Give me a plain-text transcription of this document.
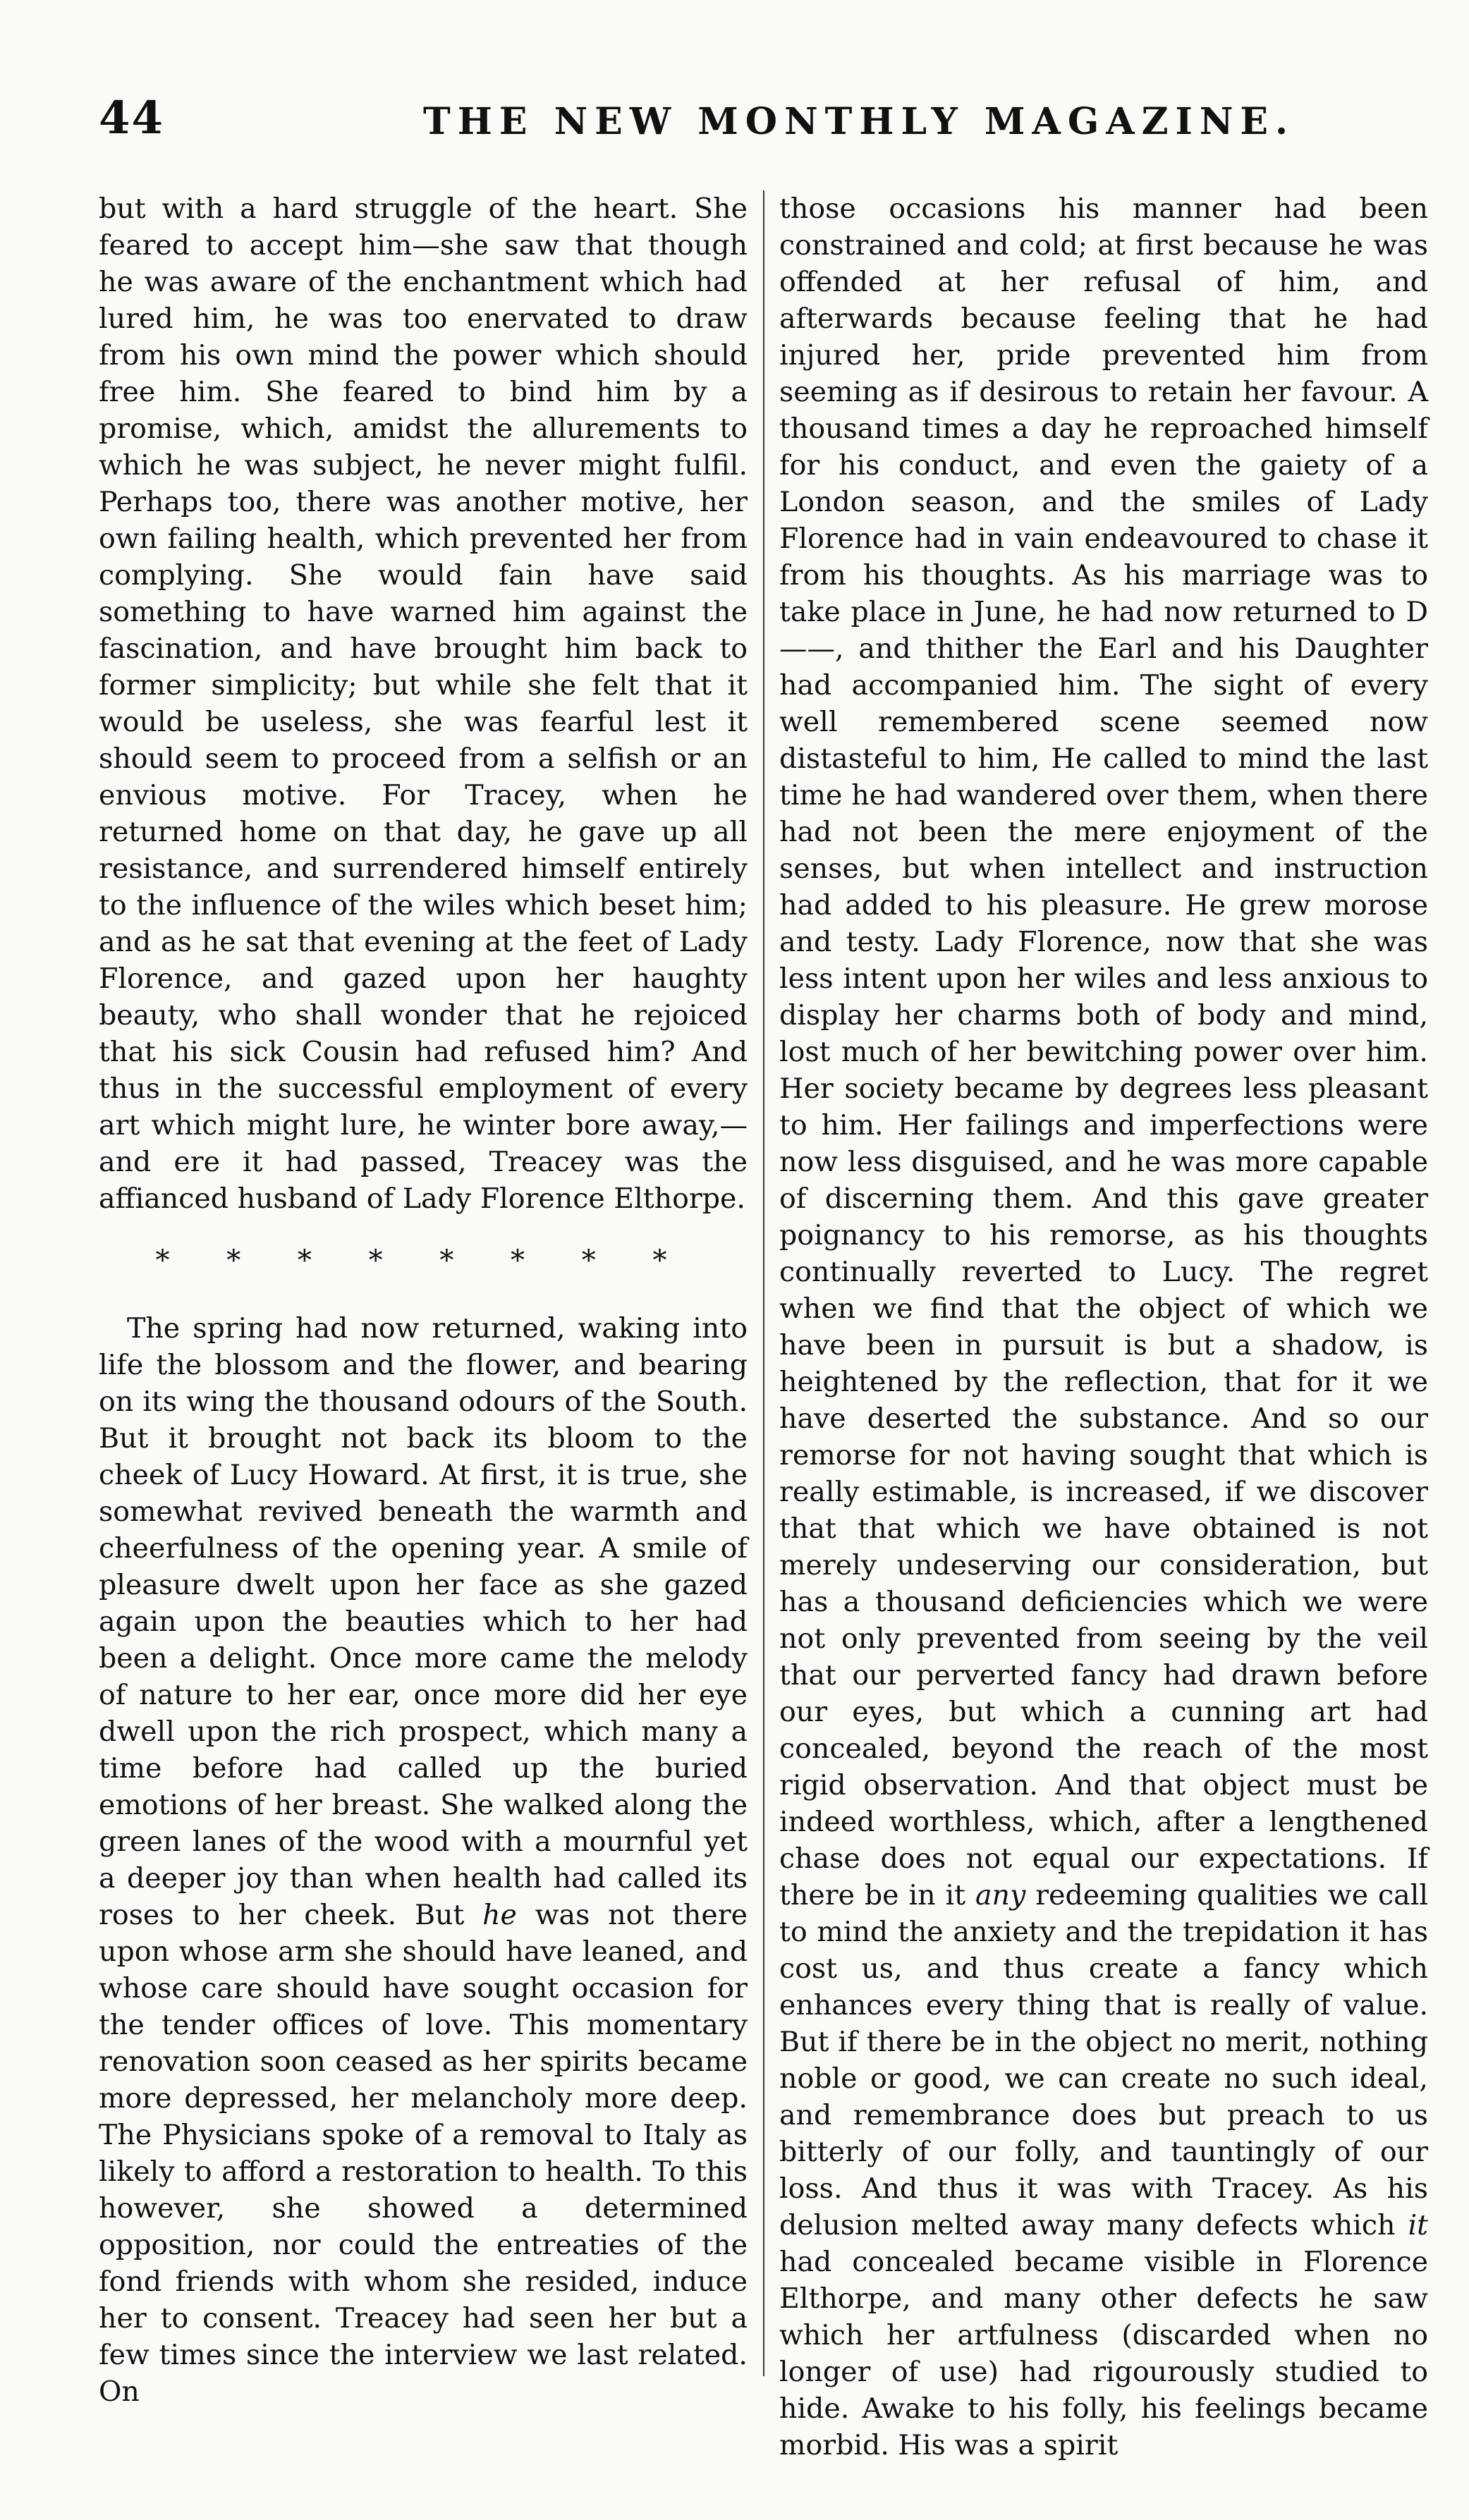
44	THE NEW MONTHLY MAGAZINE.

but with a hard struggle of the heart. She feared to accept him—she saw that though he was aware of the enchantment which had lured him, he was too enervated to draw from his own mind the power which should free him. She feared to bind him by a promise, which, amidst the allurements to which he was subject, he never might fulfil. Perhaps too, there was another motive, her own failing health, which prevented her from complying. She would fain have said something to have warned him against the fascination, and have brought him back to former simplicity; but while she felt that it would be useless, she was fearful lest it should seem to proceed from a selfish or an envious motive. For Tracey, when he returned home on that day, he gave up all resistance, and surrendered himself entirely to the influence of the wiles which beset him; and as he sat that evening at the feet of Lady Florence, and gazed upon her haughty beauty, who shall wonder that he rejoiced that his sick Cousin had refused him? And thus in the successful employment of every art which might lure, he winter bore away,—and ere it had passed, Treacey was the affianced husband of Lady Florence Elthorpe.

* * * * * * * *

The spring had now returned, waking into life the blossom and the flower, and bearing on its wing the thousand odours of the South. But it brought not back its bloom to the cheek of Lucy Howard. At first, it is true, she somewhat revived beneath the warmth and cheerfulness of the opening year. A smile of pleasure dwelt upon her face as she gazed again upon the beauties which to her had been a delight. Once more came the melody of nature to her ear, once more did her eye dwell upon the rich prospect, which many a time before had called up the buried emotions of her breast. She walked along the green lanes of the wood with a mournful yet a deeper joy than when health had called its roses to her cheek. But he was not there upon whose arm she should have leaned, and whose care should have sought occasion for the tender offices of love. This momentary renovation soon ceased as her spirits became more depressed, her melancholy more deep. The Physicians spoke of a removal to Italy as likely to afford a restoration to health. To this however, she showed a determined opposition, nor could the entreaties of the fond friends with whom she resided, induce her to consent. Treacey had seen her but a few times since the interview we last related. On

those occasions his manner had been constrained and cold; at first because he was offended at her refusal of him, and afterwards because feeling that he had injured her, pride prevented him from seeming as if desirous to retain her favour. A thousand times a day he reproached himself for his conduct, and even the gaiety of a London season, and the smiles of Lady Florence had in vain endeavoured to chase it from his thoughts. As his marriage was to take place in June, he had now returned to D——, and thither the Earl and his Daughter had accompanied him. The sight of every well remembered scene seemed now distasteful to him, He called to mind the last time he had wandered over them, when there had not been the mere enjoyment of the senses, but when intellect and instruction had added to his pleasure. He grew morose and testy. Lady Florence, now that she was less intent upon her wiles and less anxious to display her charms both of body and mind, lost much of her bewitching power over him. Her society became by degrees less pleasant to him. Her failings and imperfections were now less disguised, and he was more capable of discerning them. And this gave greater poignancy to his remorse, as his thoughts continually reverted to Lucy. The regret when we find that the object of which we have been in pursuit is but a shadow, is heightened by the reflection, that for it we have deserted the substance. And so our remorse for not having sought that which is really estimable, is increased, if we discover that that which we have obtained is not merely undeserving our consideration, but has a thousand deficiencies which we were not only prevented from seeing by the veil that our perverted fancy had drawn before our eyes, but which a cunning art had concealed, beyond the reach of the most rigid observation. And that object must be indeed worthless, which, after a lengthened chase does not equal our expectations. If there be in it any redeeming qualities we call to mind the anxiety and the trepidation it has cost us, and thus create a fancy which enhances every thing that is really of value. But if there be in the object no merit, nothing noble or good, we can create no such ideal, and remembrance does but preach to us bitterly of our folly, and tauntingly of our loss. And thus it was with Tracey. As his delusion melted away many defects which it had concealed became visible in Florence Elthorpe, and many other defects he saw which her artfulness (discarded when no longer of use) had rigourously studied to hide. Awake to his folly, his feelings became morbid. His was a spirit
